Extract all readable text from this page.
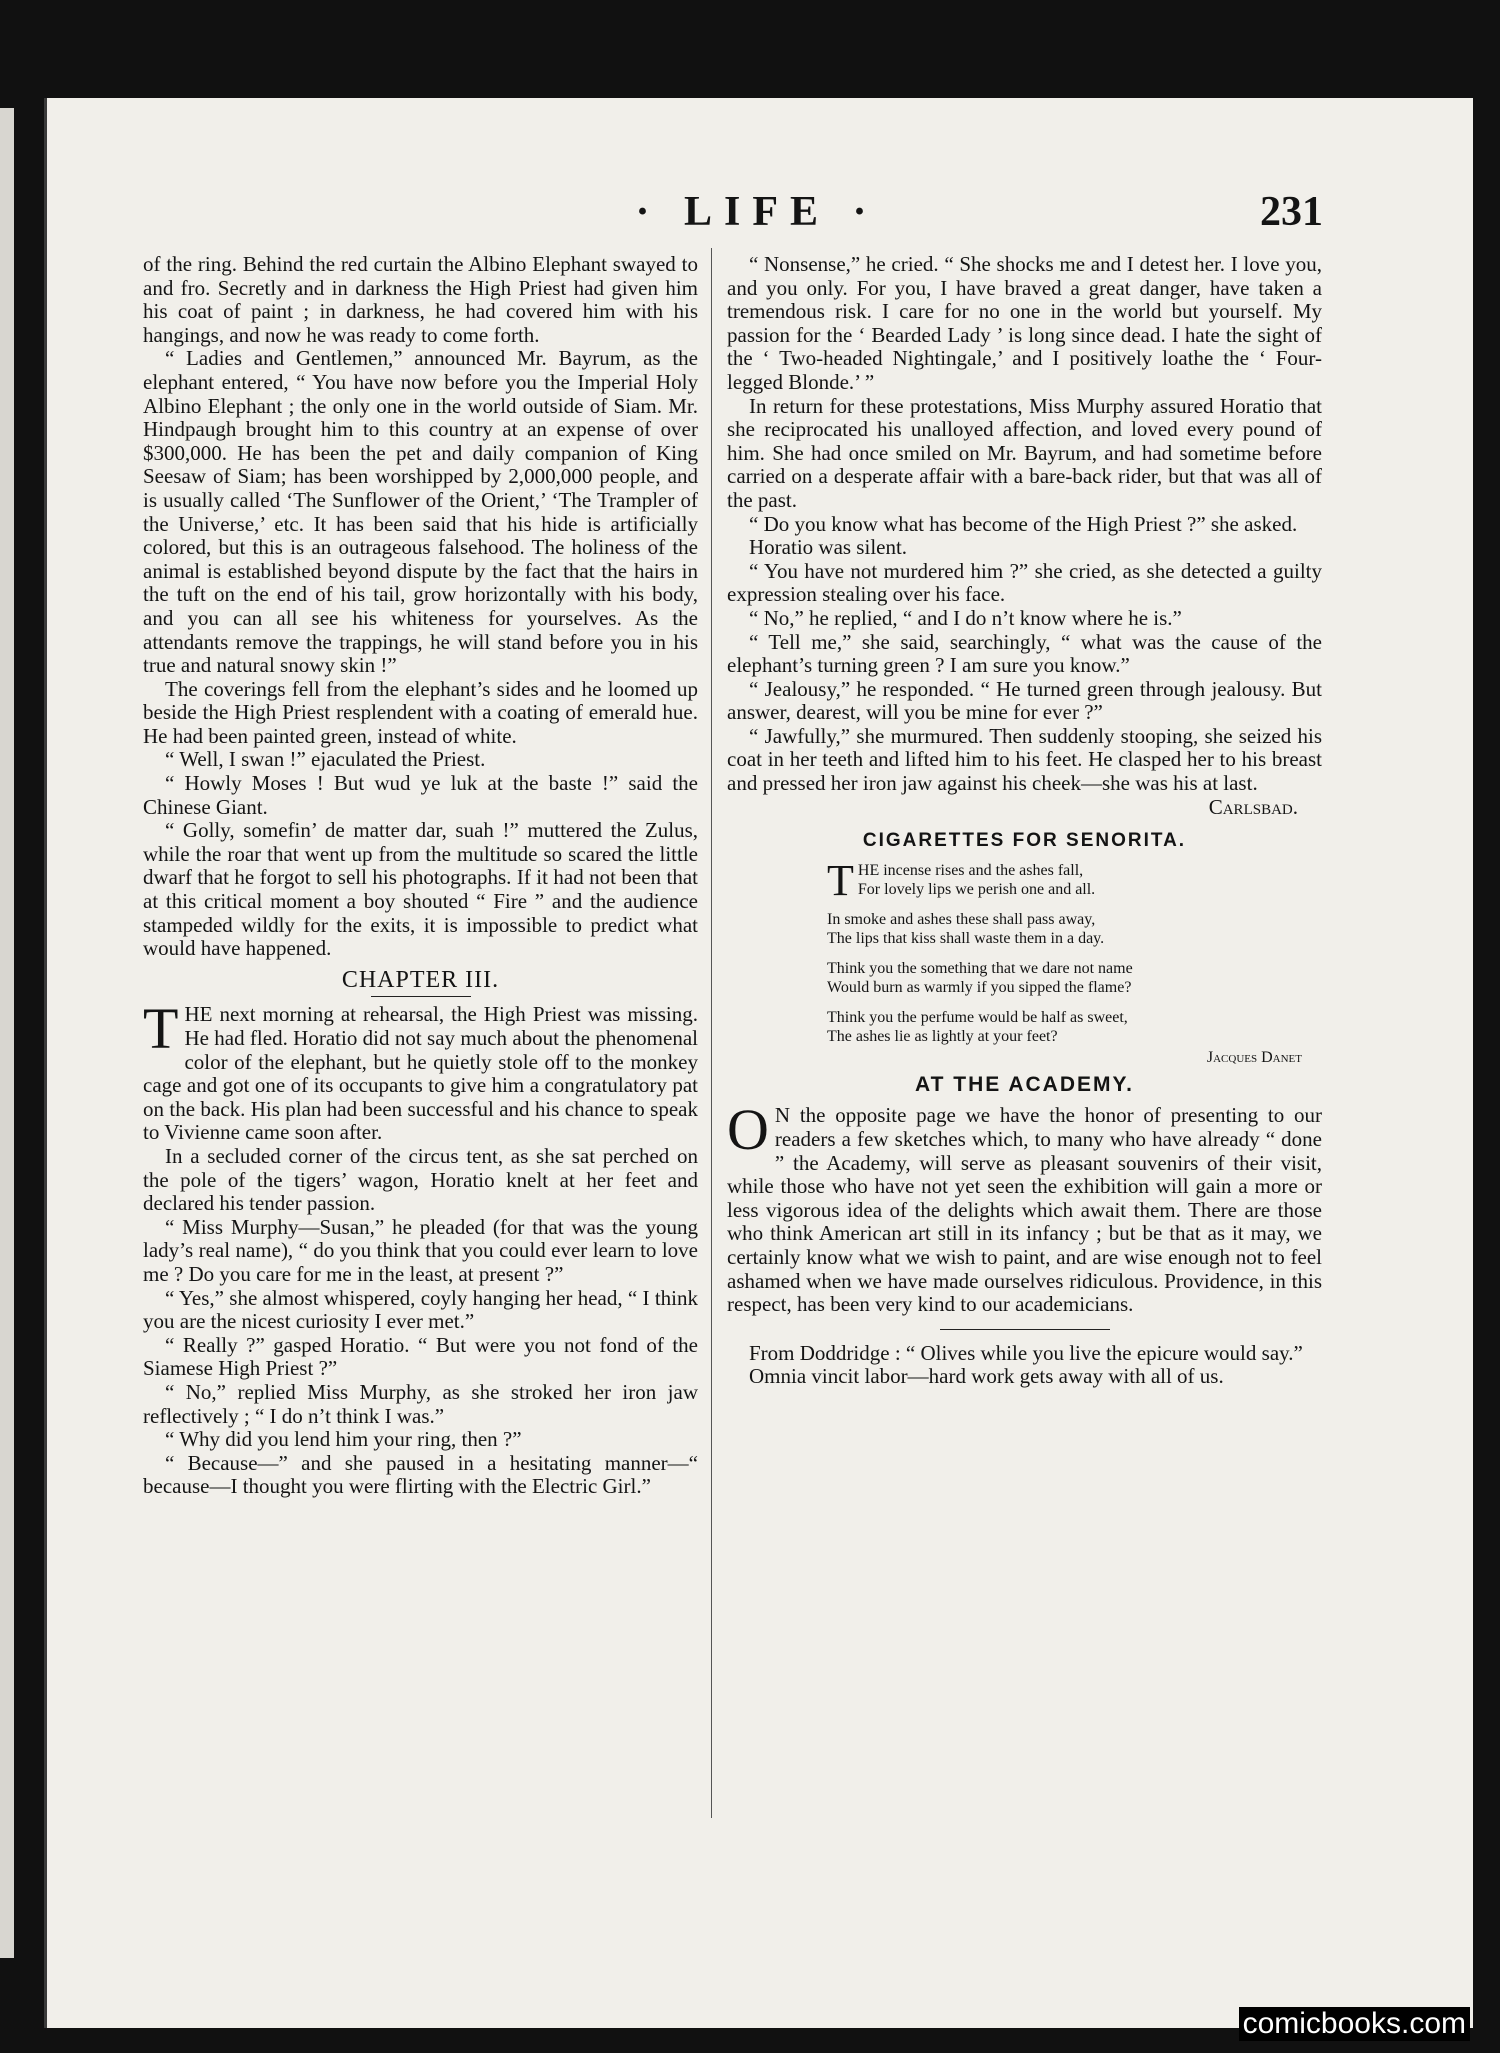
· LIFE ·	231

of the ring. Behind the red curtain the Albino Elephant swayed to and fro. Secretly and in darkness the High Priest had given him his coat of paint ; in darkness, he had covered him with his hangings, and now he was ready to come forth.

“ Ladies and Gentlemen,” announced Mr. Bayrum, as the elephant entered, “ You have now before you the Imperial Holy Albino Elephant ; the only one in the world outside of Siam. Mr. Hindpaugh brought him to this country at an expense of over $300,000. He has been the pet and daily companion of King Seesaw of Siam; has been worshipped by 2,000,000 people, and is usually called ‘The Sunflower of the Orient,’ ‘The Trampler of the Universe,’ etc. It has been said that his hide is artificially colored, but this is an outrageous falsehood. The holiness of the animal is established beyond dispute by the fact that the hairs in the tuft on the end of his tail, grow horizontally with his body, and you can all see his whiteness for yourselves. As the attendants remove the trappings, he will stand before you in his true and natural snowy skin !”

The coverings fell from the elephant’s sides and he loomed up beside the High Priest resplendent with a coating of emerald hue. He had been painted green, instead of white.

“ Well, I swan !” ejaculated the Priest.

“ Howly Moses ! But wud ye luk at the baste !” said the Chinese Giant.

“ Golly, somefin’ de matter dar, suah !” muttered the Zulus, while the roar that went up from the multitude so scared the little dwarf that he forgot to sell his photographs. If it had not been that at this critical moment a boy shouted “ Fire ” and the audience stampeded wildly for the exits, it is impossible to predict what would have happened.

CHAPTER III.

THE next morning at rehearsal, the High Priest was missing. He had fled. Horatio did not say much about the phenomenal color of the elephant, but he quietly stole off to the monkey cage and got one of its occupants to give him a congratulatory pat on the back. His plan had been successful and his chance to speak to Vivienne came soon after.

In a secluded corner of the circus tent, as she sat perched on the pole of the tigers’ wagon, Horatio knelt at her feet and declared his tender passion.

“ Miss Murphy—Susan,” he pleaded (for that was the young lady’s real name), “ do you think that you could ever learn to love me ? Do you care for me in the least, at present ?”

“ Yes,” she almost whispered, coyly hanging her head, “ I think you are the nicest curiosity I ever met.”

“ Really ?” gasped Horatio. “ But were you not fond of the Siamese High Priest ?”

“ No,” replied Miss Murphy, as she stroked her iron jaw reflectively ; “ I do n’t think I was.”

“ Why did you lend him your ring, then ?”

“ Because—” and she paused in a hesitating manner—“ because—I thought you were flirting with the Electric Girl.”

“ Nonsense,” he cried. “ She shocks me and I detest her. I love you, and you only. For you, I have braved a great danger, have taken a tremendous risk. I care for no one in the world but yourself. My passion for the ‘ Bearded Lady ’ is long since dead. I hate the sight of the ‘ Two-headed Nightingale,’ and I positively loathe the ‘ Four-legged Blonde.’ ”

In return for these protestations, Miss Murphy assured Horatio that she reciprocated his unalloyed affection, and loved every pound of him. She had once smiled on Mr. Bayrum, and had sometime before carried on a desperate affair with a bare-back rider, but that was all of the past.

“ Do you know what has become of the High Priest ?” she asked.

Horatio was silent.

“ You have not murdered him ?” she cried, as she detected a guilty expression stealing over his face.

“ No,” he replied, “ and I do n’t know where he is.”

“ Tell me,” she said, searchingly, “ what was the cause of the elephant’s turning green ? I am sure you know.”

“ Jealousy,” he responded. “ He turned green through jealousy. But answer, dearest, will you be mine for ever ?”

“ Jawfully,” she murmured. Then suddenly stooping, she seized his coat in her teeth and lifted him to his feet. He clasped her to his breast and pressed her iron jaw against his cheek—she was his at last.

Carlsbad.

CIGARETTES FOR SENORITA.
T HE incense rises and the ashes fall,
For lovely lips we perish one and all.
In smoke and ashes these shall pass away,
The lips that kiss shall waste them in a day.
Think you the something that we dare not name
Would burn as warmly if you sipped the flame?
Think you the perfume would be half as sweet,
The ashes lie as lightly at your feet?
Jacques Danet
AT THE ACADEMY.

O N the opposite page we have the honor of presenting to our readers a few sketches which, to many who have already “ done ” the Academy, will serve as pleasant souvenirs of their visit, while those who have not yet seen the exhibition will gain a more or less vigorous idea of the delights which await them. There are those who think American art still in its infancy ; but be that as it may, we certainly know what we wish to paint, and are wise enough not to feel ashamed when we have made ourselves ridiculous. Providence, in this respect, has been very kind to our academicians.

From Doddridge : “ Olives while you live the epicure would say.”

Omnia vincit labor—hard work gets away with all of us.

comicbooks.com
